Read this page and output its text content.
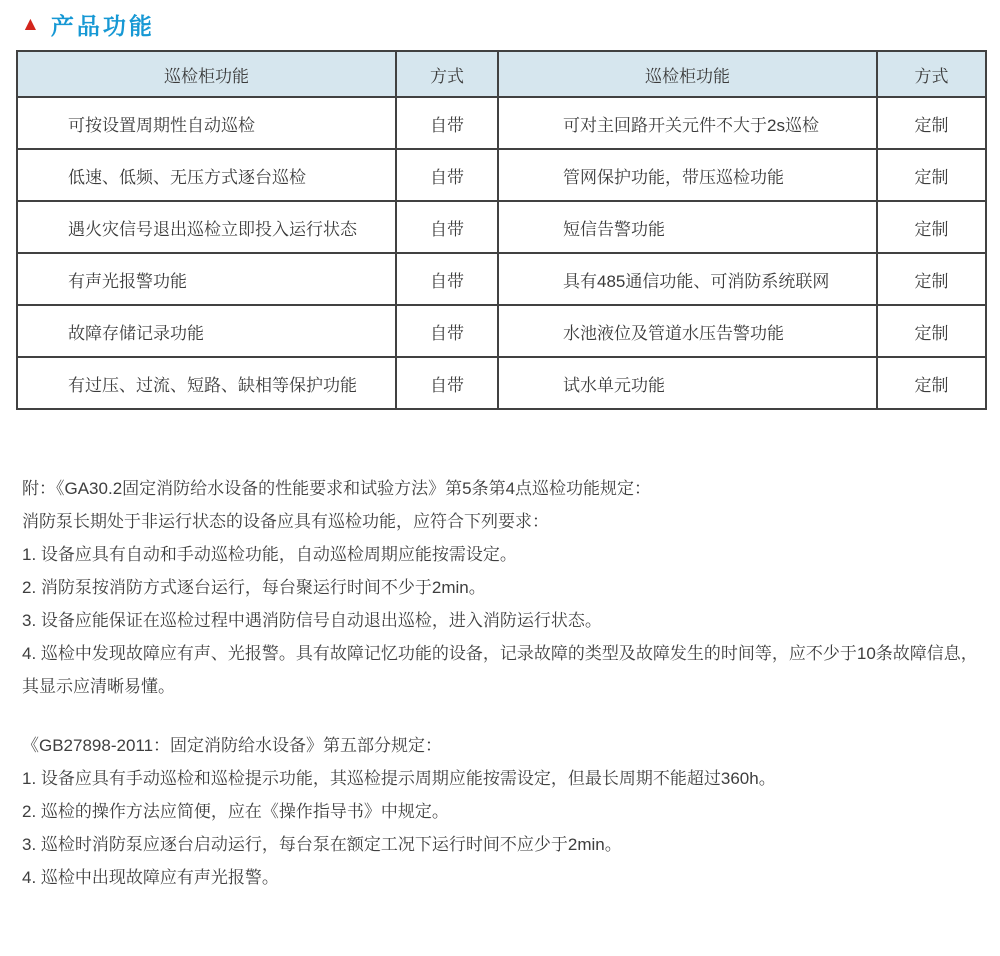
▲ 产品功能
巡检柜功能	方式	巡检柜功能	方式
可按设置周期性自动巡检	自带	可对主回路开关元件不大于2s巡检	定制
低速、低频、无压方式逐台巡检	自带	管网保护功能，带压巡检功能	定制
遇火灾信号退出巡检立即投入运行状态	自带	短信告警功能	定制
有声光报警功能	自带	具有485通信功能、可消防系统联网	定制
故障存储记录功能	自带	水池液位及管道水压告警功能	定制
有过压、过流、短路、缺相等保护功能	自带	试水单元功能	定制

附：《GA30.2固定消防给水设备的性能要求和试验方法》第5条第4点巡检功能规定：

消防泵长期处于非运行状态的设备应具有巡检功能，应符合下列要求：

1. 设备应具有自动和手动巡检功能，自动巡检周期应能按需设定。

2. 消防泵按消防方式逐台运行，每台聚运行时间不少于2min。

3. 设备应能保证在巡检过程中遇消防信号自动退出巡检，进入消防运行状态。

4. 巡检中发现故障应有声、光报警。具有故障记忆功能的设备，记录故障的类型及故障发生的时间等，应不少于10条故障信息，其显示应清晰易懂。

《GB27898-2011：固定消防给水设备》第五部分规定：

1. 设备应具有手动巡检和巡检提示功能，其巡检提示周期应能按需设定，但最长周期不能超过360h。

2. 巡检的操作方法应简便，应在《操作指导书》中规定。

3. 巡检时消防泵应逐台启动运行，每台泵在额定工况下运行时间不应少于2min。

4. 巡检中出现故障应有声光报警。
